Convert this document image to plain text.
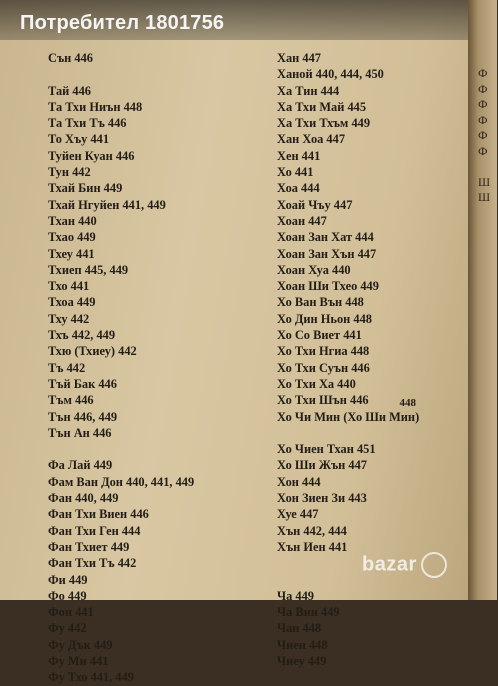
Сън 446
Тай 446
Та Тхи Ниън 448
Та Тхи Тъ 446
То Хъу 441
Туйен Куан 446
Тун 442
Тхай Бин 449
Тхай Нгуйен 441, 449
Тхан 440
Тхао 449
Тхеу 441
Тхиеп 445, 449
Тхо 441
Тхоа 449
Тху 442
Тхъ 442, 449
Тхю (Тхиеу) 442
Тъ 442
Тъй Бак 446
Тъм 446
Тън 446, 449
Тън Ан 446
Фа Лай 449
Фам Ван Дон 440, 441, 449
Фан 440, 449
Фан Тхи Виен 446
Фан Тхи Ген 444
Фан Тхиет 449
Фан Тхи Тъ 442
Фи 449
Фо 449
Фон 441
Фу 442
Фу Дък 449
Фу Ми 441
Фу Тхо 441, 449
Хан 447
Ханой 440, 444, 450
Ха Тин 444
Ха Тхи Май 445
Ха Тхи Тхъм 449
Хан Хоа 447
Хен 441
Хо 441
Хоа 444
Хоай Чъу 447
Хоан 447
Хоан Зан Хат 444
Хоан Зан Хън 447
Хоан Хуа 440
Хоан Ши Тхео 449
Хо Ван Вън 448
Хо Дин Ньон 448
Хо Со Виет 441
Хо Тхи Нгиа 448
Хо Тхи Суън 446
Хо Тхи Ха 440
Хо Тхи Шън 446
Хо Чи Мин (Хо Ши Мин)
Хо Чиен Тхан 451
Хо Ши Жън 447
Хон 444
Хон Зиен Зи 443
Хуе 447
Хън 442, 444
Хън Иен 441
Ча 449
Ча Вин 449
Чан 448
Чиен 448
Чиеу 449
448
Потребител 1801756
bazar
Ф
Ф
Ф
Ф
Ф
Ф
Ш
Ш
